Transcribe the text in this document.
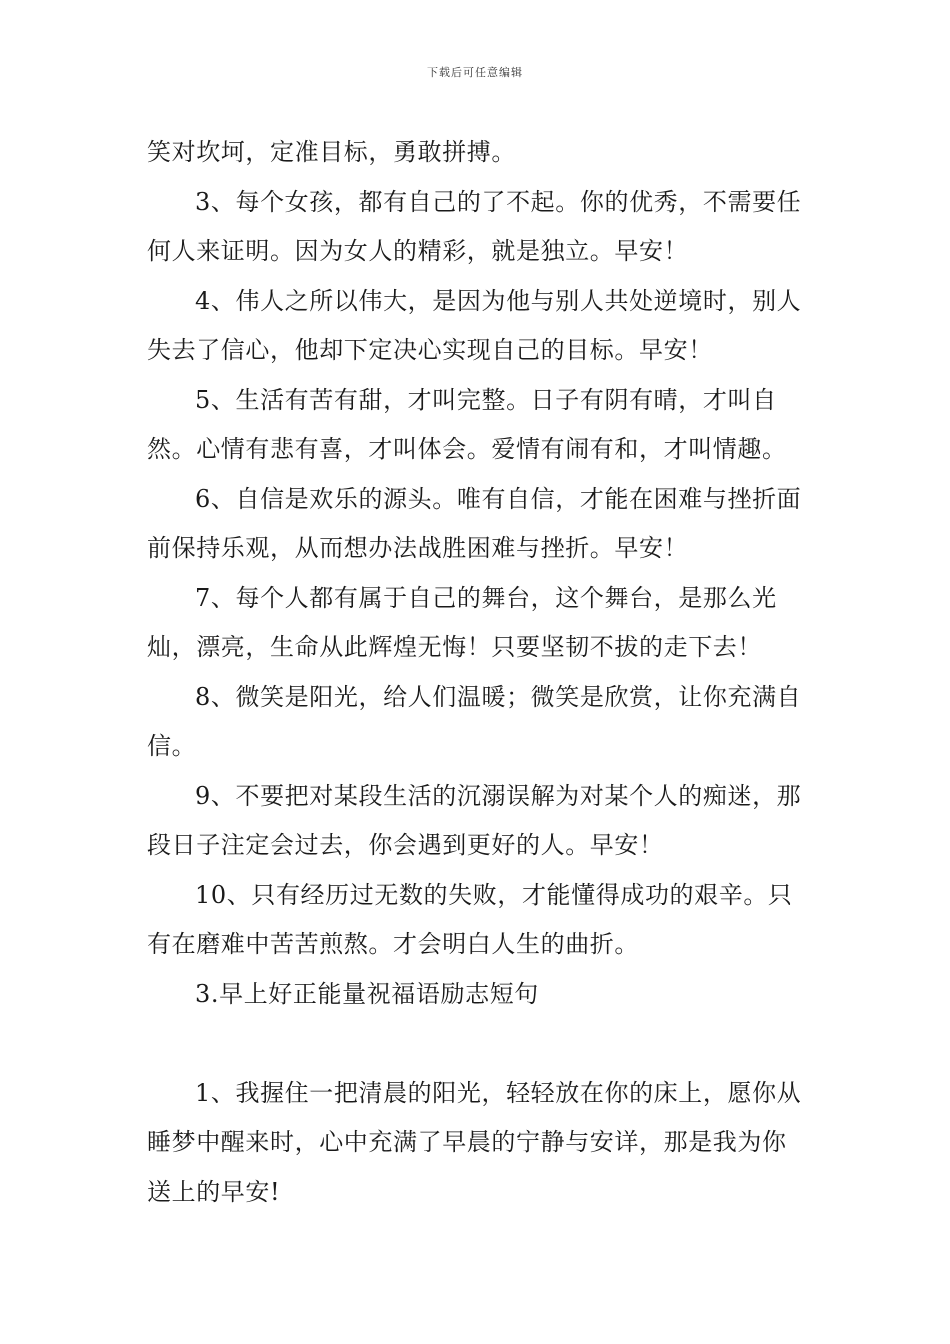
下载后可任意编辑

笑对坎坷，定准目标，勇敢拼搏。

3、每个女孩，都有自己的了不起。你的优秀，不需要任何人来证明。因为女人的精彩，就是独立。早安！

4、伟人之所以伟大，是因为他与别人共处逆境时，别人失去了信心，他却下定决心实现自己的目标。早安！

5、生活有苦有甜，才叫完整。日子有阴有晴，才叫自然。心情有悲有喜，才叫体会。爱情有闹有和，才叫情趣。

6、自信是欢乐的源头。唯有自信，才能在困难与挫折面前保持乐观，从而想办法战胜困难与挫折。早安！

7、每个人都有属于自己的舞台，这个舞台，是那么光灿，漂亮，生命从此辉煌无悔！只要坚韧不拔的走下去！

8、微笑是阳光，给人们温暖；微笑是欣赏，让你充满自信。

9、不要把对某段生活的沉溺误解为对某个人的痴迷，那段日子注定会过去，你会遇到更好的人。早安！

10、只有经历过无数的失败，才能懂得成功的艰辛。只有在磨难中苦苦煎熬。才会明白人生的曲折。

3.早上好正能量祝福语励志短句

1、我握住一把清晨的阳光，轻轻放在你的床上，愿你从睡梦中醒来时，心中充满了早晨的宁静与安详，那是我为你送上的早安!
